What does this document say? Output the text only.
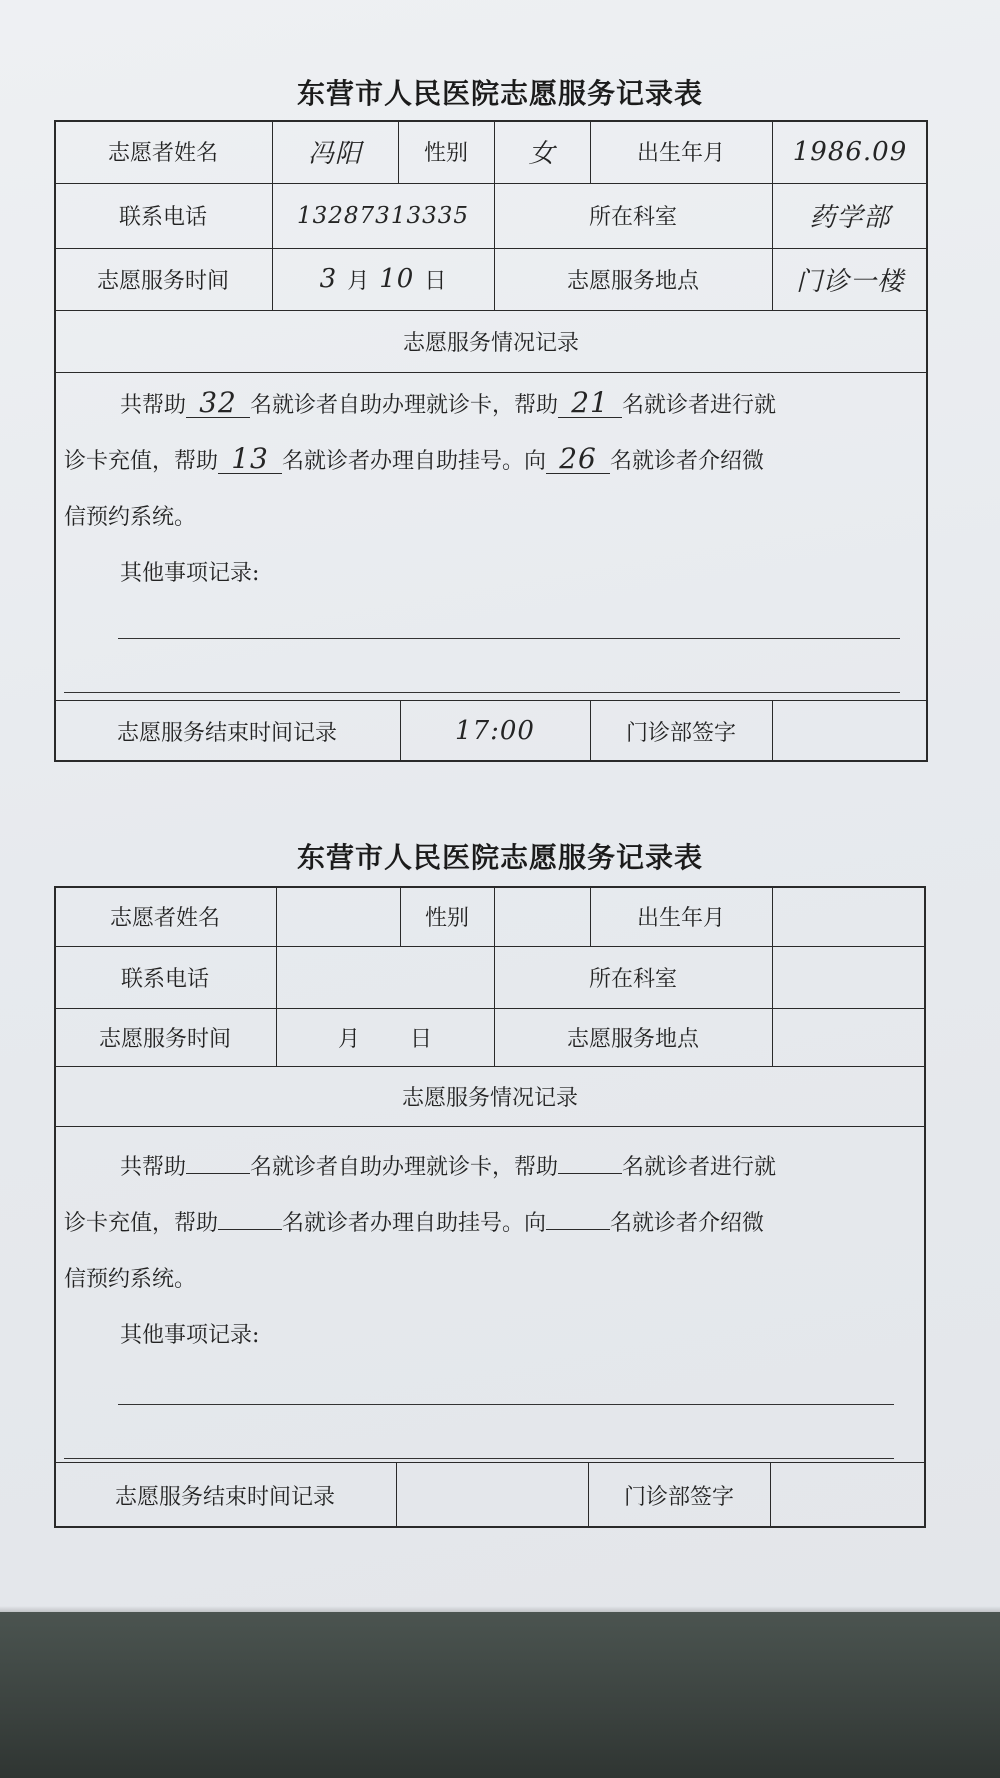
东营市人民医院志愿服务记录表
志愿者姓名	冯阳	性别	女	出生年月	1986.09
联系电话	13287313335	所在科室	药学部
志愿服务时间	3 月 10 日	志愿服务地点	门诊一楼
志愿服务情况记录
共帮助 32 名就诊者自助办理就诊卡，帮助 21 名就诊者进行就
诊卡充值，帮助 13 名就诊者办理自助挂号。向 26 名就诊者介绍微
信预约系统。
其他事项记录:
志愿服务结束时间记录	17:00	门诊部签字
东营市人民医院志愿服务记录表
志愿者姓名	性别	出生年月
联系电话	所在科室
志愿服务时间	月 日	志愿服务地点
志愿服务情况记录
共帮助	名就诊者自助办理就诊卡，帮助	名就诊者进行就
诊卡充值，帮助	名就诊者办理自助挂号。向	名就诊者介绍微
信预约系统。
其他事项记录:
志愿服务结束时间记录	门诊部签字
